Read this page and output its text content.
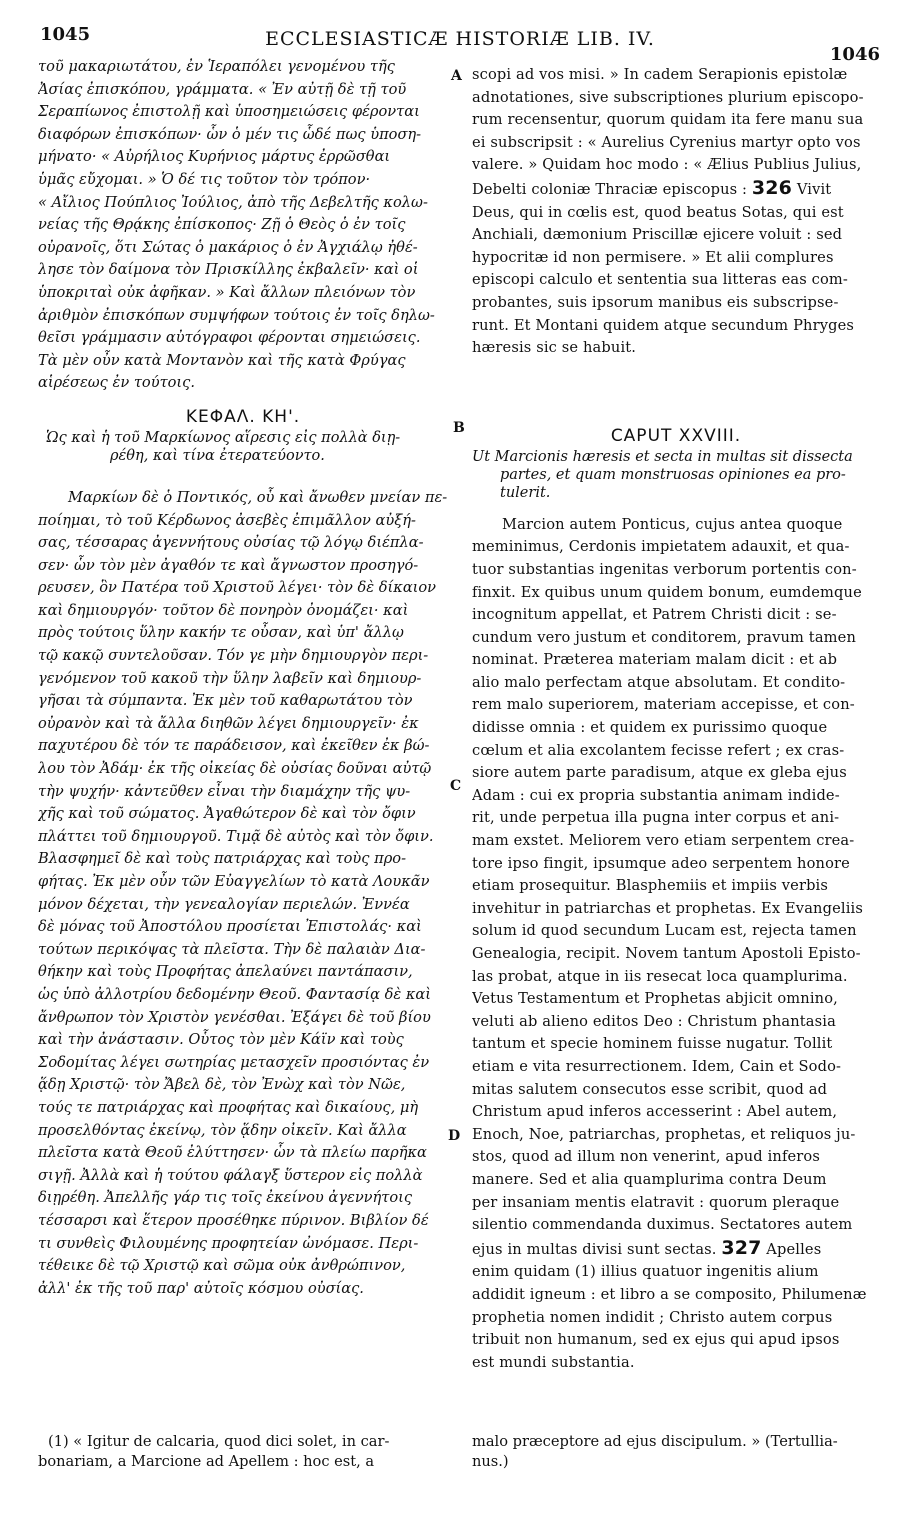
1045	ECCLESIASTICÆ HISTORIÆ LIB. IV.
1046
A
B
C
D
τοῦ μακαριωτάτου, ἐν Ἱεραπόλει γενομένου τῆς
Ἀσίας ἐπισκόπου, γράμματα. « Ἐν αὐτῇ δὲ τῇ τοῦ
Σεραπίωνος ἐπιστολῇ καὶ ὑποσημειώσεις φέρονται
διαφόρων ἐπισκόπων· ὧν ὁ μέν τις ὧδέ πως ὑποση-
μήνατο· « Αὐρήλιος Κυρήνιος μάρτυς ἐρρῶσθαι
ὑμᾶς εὔχομαι. » Ὁ δέ τις τοῦτον τὸν τρόπον·
« Αἴλιος Πούπλιος Ἰούλιος, ἀπὸ τῆς Δεβελτῆς κολω-
νείας τῆς Θρᾴκης ἐπίσκοπος· Ζῇ ὁ Θεὸς ὁ ἐν τοῖς
οὐρανοῖς, ὅτι Σώτας ὁ μακάριος ὁ ἐν Ἀγχιάλῳ ἠθέ-
λησε τὸν δαίμονα τὸν Πρισκίλλης ἐκβαλεῖν· καὶ οἱ
ὑποκριταὶ οὐκ ἀφῆκαν. » Καὶ ἄλλων πλειόνων τὸν
ἀριθμὸν ἐπισκόπων συμψήφων τούτοις ἐν τοῖς δηλω-
θεῖσι γράμμασιν αὐτόγραφοι φέρονται σημειώσεις.
Τὰ μὲν οὖν κατὰ Μοντανὸν καὶ τῆς κατὰ Φρύγας
αἱρέσεως ἐν τούτοις.
ΚΕΦΑΛ. ΚΗ'.
Ὡς καὶ ἡ τοῦ Μαρκίωνος αἵρεσις εἰς πολλὰ διῃ-
ρέθη, καὶ τίνα ἐτερατεύοντο.
Μαρκίων δὲ ὁ Ποντικός, οὗ καὶ ἄνωθεν μνείαν πε-
ποίημαι, τὸ τοῦ Κέρδωνος ἀσεβὲς ἐπιμᾶλλον αὐξή-
σας, τέσσαρας ἀγεννήτους οὐσίας τῷ λόγῳ διέπλα-
σεν· ὧν τὸν μὲν ἀγαθόν τε καὶ ἄγνωστον προσηγό-
ρευσεν, ὃν Πατέρα τοῦ Χριστοῦ λέγει· τὸν δὲ δίκαιον
καὶ δημιουργόν· τοῦτον δὲ πονηρὸν ὀνομάζει· καὶ
πρὸς τούτοις ὕλην κακήν τε οὖσαν, καὶ ὑπ' ἄλλῳ
τῷ κακῷ συντελοῦσαν. Τόν γε μὴν δημιουργὸν περι-
γενόμενον τοῦ κακοῦ τὴν ὕλην λαβεῖν καὶ δημιουρ-
γῆσαι τὰ σύμπαντα. Ἐκ μὲν τοῦ καθαρωτάτου τὸν
οὐρανὸν καὶ τὰ ἄλλα διηθῶν λέγει δημιουργεῖν· ἐκ
παχυτέρου δὲ τόν τε παράδεισον, καὶ ἐκεῖθεν ἐκ βώ-
λου τὸν Ἀδάμ· ἐκ τῆς οἰκείας δὲ οὐσίας δοῦναι αὐτῷ
τὴν ψυχήν· κἀντεῦθεν εἶναι τὴν διαμάχην τῆς ψυ-
χῆς καὶ τοῦ σώματος. Ἀγαθώτερον δὲ καὶ τὸν ὄφιν
πλάττει τοῦ δημιουργοῦ. Τιμᾷ δὲ αὐτὸς καὶ τὸν ὄφιν.
Βλασφημεῖ δὲ καὶ τοὺς πατριάρχας καὶ τοὺς προ-
φήτας. Ἐκ μὲν οὖν τῶν Εὐαγγελίων τὸ κατὰ Λουκᾶν
μόνον δέχεται, τὴν γενεαλογίαν περιελών. Ἐννέα
δὲ μόνας τοῦ Ἀποστόλου προσίεται Ἐπιστολάς· καὶ
τούτων περικόψας τὰ πλεῖστα. Τὴν δὲ παλαιὰν Δια-
θήκην καὶ τοὺς Προφήτας ἀπελαύνει παντάπασιν,
ὡς ὑπὸ ἀλλοτρίου δεδομένην Θεοῦ. Φαντασίᾳ δὲ καὶ
ἄνθρωπον τὸν Χριστὸν γενέσθαι. Ἐξάγει δὲ τοῦ βίου
καὶ τὴν ἀνάστασιν. Οὗτος τὸν μὲν Κάϊν καὶ τοὺς
Σοδομίτας λέγει σωτηρίας μετασχεῖν προσιόντας ἐν
ᾅδῃ Χριστῷ· τὸν Ἄβελ δὲ, τὸν Ἐνὼχ καὶ τὸν Νῶε,
τούς τε πατριάρχας καὶ προφήτας καὶ δικαίους, μὴ
προσελθόντας ἐκείνῳ, τὸν ᾅδην οἰκεῖν. Καὶ ἄλλα
πλεῖστα κατὰ Θεοῦ ἐλύττησεν· ὧν τὰ πλείω παρῆκα
σιγῇ. Ἀλλὰ καὶ ἡ τούτου φάλαγξ ὕστερον εἰς πολλὰ
διῃρέθη. Ἀπελλῆς γάρ τις τοῖς ἐκείνου ἀγεννήτοις
τέσσαρσι καὶ ἕτερον προσέθηκε πύρινον. Βιβλίον δέ
τι συνθεὶς Φιλουμένης προφητείαν ὠνόμασε. Περι-
τέθεικε δὲ τῷ Χριστῷ καὶ σῶμα οὐκ ἀνθρώπινον,
ἀλλ' ἐκ τῆς τοῦ παρ' αὐτοῖς κόσμου οὐσίας.
(1) « Igitur de calcaria, quod dici solet, in car-
bonariam, a Marcione ad Apellem : hoc est, a
scopi ad vos misi. » In cadem Serapionis epistolæ
adnotationes, sive subscriptiones plurium episcopo-
rum recensentur, quorum quidam ita fere manu sua
ei subscripsit : « Aurelius Cyrenius martyr opto vos
valere. » Quidam hoc modo : « Ælius Publius Julius,
Debelti coloniæ Thraciæ episcopus : 326 Vivit
Deus, qui in cœlis est, quod beatus Sotas, qui est
Anchiali, dæmonium Priscillæ ejicere voluit : sed
hypocritæ id non permisere. » Et alii complures
episcopi calculo et sententia sua litteras eas com-
probantes, suis ipsorum manibus eis subscripse-
runt. Et Montani quidem atque secundum Phryges
hæresis sic se habuit.
CAPUT XXVIII.
Ut Marcionis hæresis et secta in multas sit dissecta
partes, et quam monstruosas opiniones ea pro-
tulerit.
Marcion autem Ponticus, cujus antea quoque
meminimus, Cerdonis impietatem adauxit, et qua-
tuor substantias ingenitas verborum portentis con-
finxit. Ex quibus unum quidem bonum, eumdemque
incognitum appellat, et Patrem Christi dicit : se-
cundum vero justum et conditorem, pravum tamen
nominat. Præterea materiam malam dicit : et ab
alio malo perfectam atque absolutam. Et condito-
rem malo superiorem, materiam accepisse, et con-
didisse omnia : et quidem ex purissimo quoque
cœlum et alia excolantem fecisse refert ; ex cras-
siore autem parte paradisum, atque ex gleba ejus
Adam : cui ex propria substantia animam indide-
rit, unde perpetua illa pugna inter corpus et ani-
mam exstet. Meliorem vero etiam serpentem crea-
tore ipso fingit, ipsumque adeo serpentem honore
etiam prosequitur. Blasphemiis et impiis verbis
invehitur in patriarchas et prophetas. Ex Evangeliis
solum id quod secundum Lucam est, rejecta tamen
Genealogia, recipit. Novem tantum Apostoli Episto-
las probat, atque in iis resecat loca quamplurima.
Vetus Testamentum et Prophetas abjicit omnino,
veluti ab alieno editos Deo : Christum phantasia
tantum et specie hominem fuisse nugatur. Tollit
etiam e vita resurrectionem. Idem, Cain et Sodo-
mitas salutem consecutos esse scribit, quod ad
Christum apud inferos accesserint : Abel autem,
Enoch, Noe, patriarchas, prophetas, et reliquos ju-
stos, quod ad illum non venerint, apud inferos
manere. Sed et alia quamplurima contra Deum
per insaniam mentis elatravit : quorum pleraque
silentio commendanda duximus. Sectatores autem
ejus in multas divisi sunt sectas. 327 Apelles
enim quidam (1) illius quatuor ingenitis alium
addidit igneum : et libro a se composito, Philumenæ
prophetia nomen indidit ; Christo autem corpus
tribuit non humanum, sed ex ejus qui apud ipsos
est mundi substantia.
malo præceptore ad ejus discipulum. » (Tertullia-
nus.)
